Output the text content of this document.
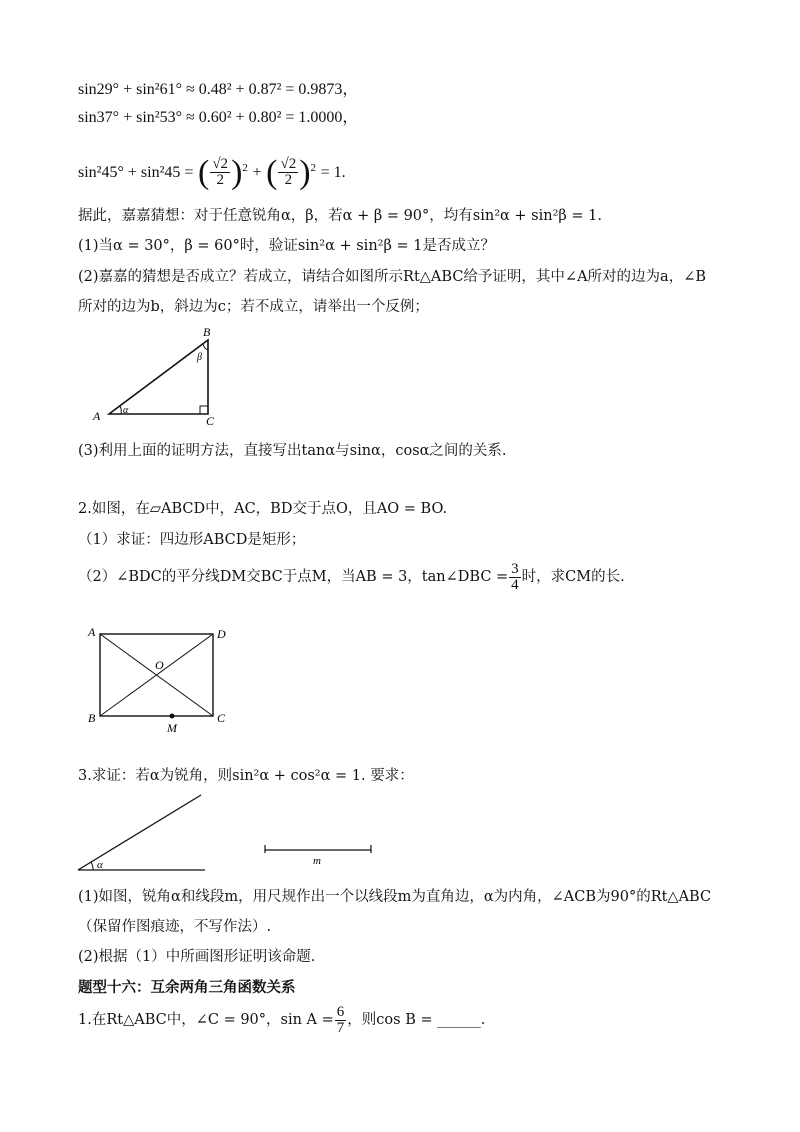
sin29° + sin²61° ≈ 0.48² + 0.87² = 0.9873，
sin37° + sin²53° ≈ 0.60² + 0.80² = 1.0000，
sin²45° + sin²45 = ( $\frac{√2}{2} )^2$ + ( $\frac{√2}{2} )^2 = 1$.
据此，嘉嘉猜想：对于任意锐角α，β，若α + β = 90°，均有sin²α + sin²β = 1.
(1)当α = 30°，β = 60°时，验证sin²α + sin²β = 1是否成立？
(2)嘉嘉的猜想是否成立？若成立，请结合如图所示Rt△ABC给予证明，其中∠A所对的边为a，∠B
所对的边为b，斜边为c；若不成立，请举出一个反例；
A
B
C
α
β
(3)利用上面的证明方法，直接写出tanα与sinα，cosα之间的关系.
2.如图，在▱ABCD中，AC，BD交于点O，且AO = BO.
（1）求证：四边形ABCD是矩形；
（2）∠BDC的平分线DM交BC于点M，当AB = 3，tan∠DBC = $\frac{3}{4}$ 时，求CM的长.
A	D
B	C
O
M
3.求证：若α为锐角，则sin²α + cos²α = 1. 要求：
α	m
(1)如图，锐角α和线段m，用尺规作出一个以线段m为直角边，α为内角，∠ACB为90°的Rt△ABC
（保留作图痕迹，不写作法）.
(2)根据（1）中所画图形证明该命题.
题型十六：互余两角三角函数关系
1.在Rt△ABC中，∠C = 90°，$\sin A = \frac{6}{7}$ ，则cos B = ______.
